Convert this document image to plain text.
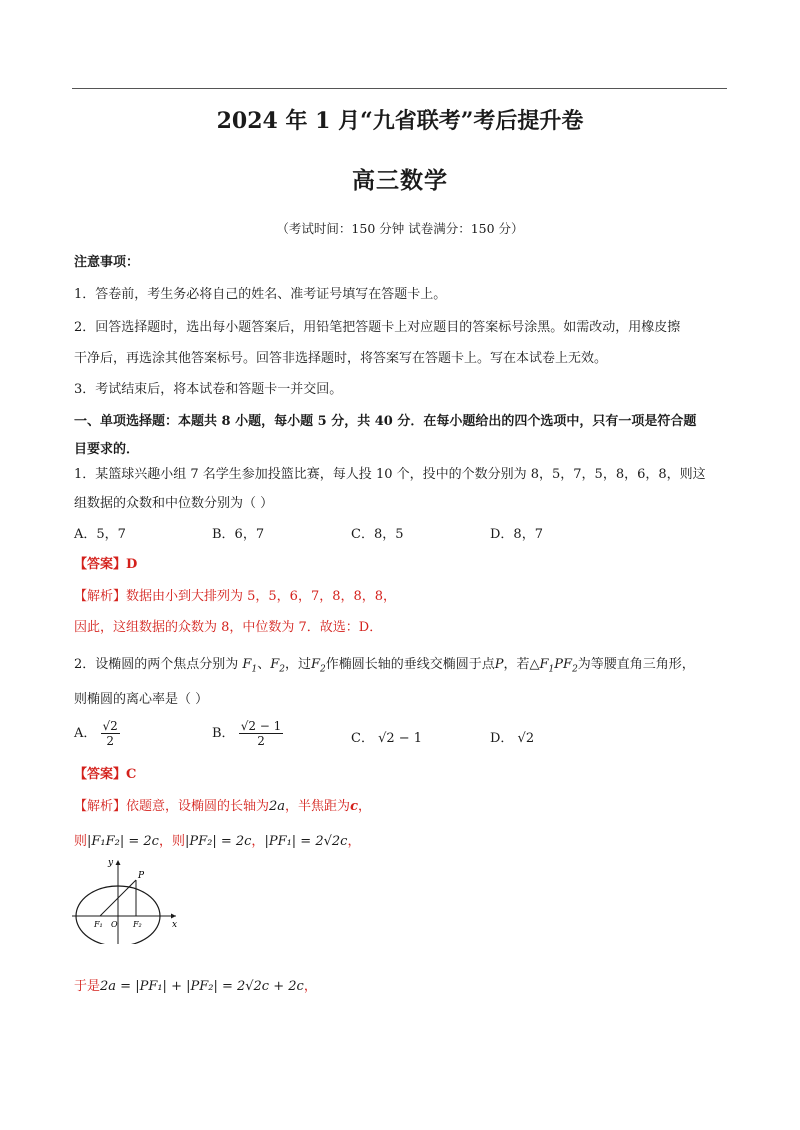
2024 年 1 月“九省联考”考后提升卷
高三数学
（考试时间：150 分钟 试卷满分：150 分）
注意事项：
1．答卷前，考生务必将自己的姓名、准考证号填写在答题卡上。
2．回答选择题时，选出每小题答案后，用铅笔把答题卡上对应题目的答案标号涂黑。如需改动，用橡皮擦
干净后，再选涂其他答案标号。回答非选择题时，将答案写在答题卡上。写在本试卷上无效。
3．考试结束后，将本试卷和答题卡一并交回。
一、单项选择题：本题共 8 小题，每小题 5 分，共 40 分．在每小题给出的四个选项中，只有一项是符合题
目要求的．
1．某篮球兴趣小组 7 名学生参加投篮比赛，每人投 10 个，投中的个数分别为 8，5，7，5，8，6，8，则这
组数据的众数和中位数分别为（ ）
A．5，7	B．6，7	C．8，5	D．8，7
【答案】D
【解析】数据由小到大排列为 5，5，6，7，8，8，8，
因此，这组数据的众数为 8，中位数为 7．故选：D．
2．设椭圆的两个焦点分别为 $F_1$、$F_2$，过$F_2$作椭圆长轴的垂线交椭圆于点P，若$\triangle F_1PF_2$为等腰直角三角形，
则椭圆的离心率是（ ）
A． $\frac{√2}{2}$	B． $\frac{√2 - 1}{2}$	C． √2 − 1	D． √2
【答案】C
【解析】依题意，设椭圆的长轴为2a，半焦距为c，
则|F₁F₂| = 2c，则|PF₂| = 2c，|PF₁| = 2√2c，
y
P
F₁ O F₂	x
于是2a = |PF₁| + |PF₂| = 2√2c + 2c，
